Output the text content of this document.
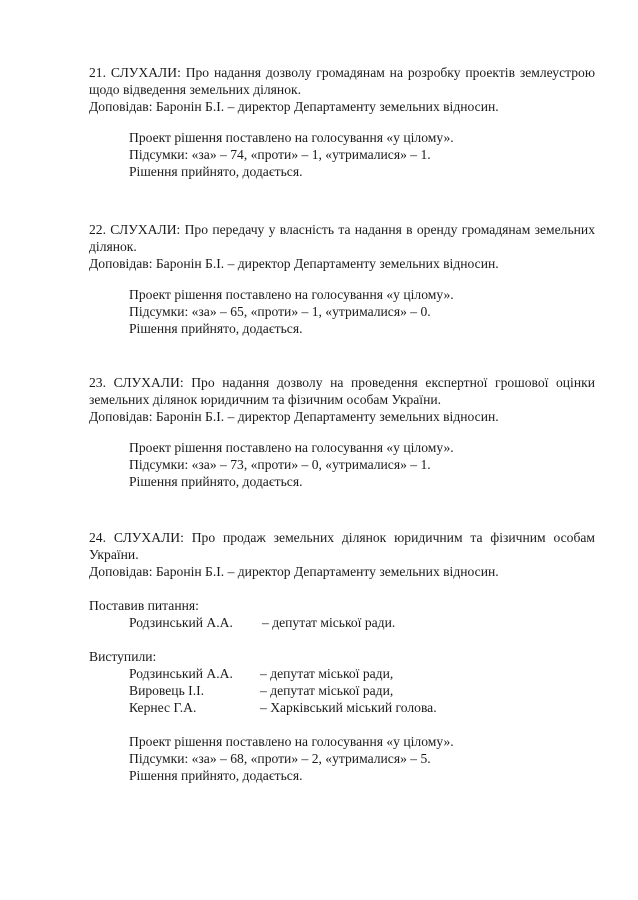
21. СЛУХАЛИ: Про надання дозволу громадянам на розробку проектів землеустрою щодо відведення земельних ділянок.

Доповідав: Баронін Б.І. – директор Департаменту земельних відносин.

Проект рішення поставлено на голосування «у цілому».

Підсумки: «за» – 74, «проти» – 1, «утрималися» – 1.

Рішення прийнято, додається.

22. СЛУХАЛИ: Про передачу у власність та надання в оренду громадянам земельних ділянок.

Доповідав: Баронін Б.І. – директор Департаменту земельних відносин.

Проект рішення поставлено на голосування «у цілому».

Підсумки: «за» – 65, «проти» – 1, «утрималися» – 0.

Рішення прийнято, додається.

23. СЛУХАЛИ: Про надання дозволу на проведення експертної грошової оцінки земельних ділянок юридичним та фізичним особам України.

Доповідав: Баронін Б.І. – директор Департаменту земельних відносин.

Проект рішення поставлено на голосування «у цілому».

Підсумки: «за» – 73, «проти» – 0, «утрималися» – 1.

Рішення прийнято, додається.

24. СЛУХАЛИ: Про продаж земельних ділянок юридичним та фізичним особам України.

Доповідав: Баронін Б.І. – директор Департаменту земельних відносин.

Поставив питання:

Родзинський А.А.	– депутат міської ради.

Виступили:

Родзинський А.А.	– депутат міської ради,
Вировець І.І.	– депутат міської ради,
Кернес Г.А.	– Харківський міський голова.

Проект рішення поставлено на голосування «у цілому».

Підсумки: «за» – 68, «проти» – 2, «утрималися» – 5.

Рішення прийнято, додається.
